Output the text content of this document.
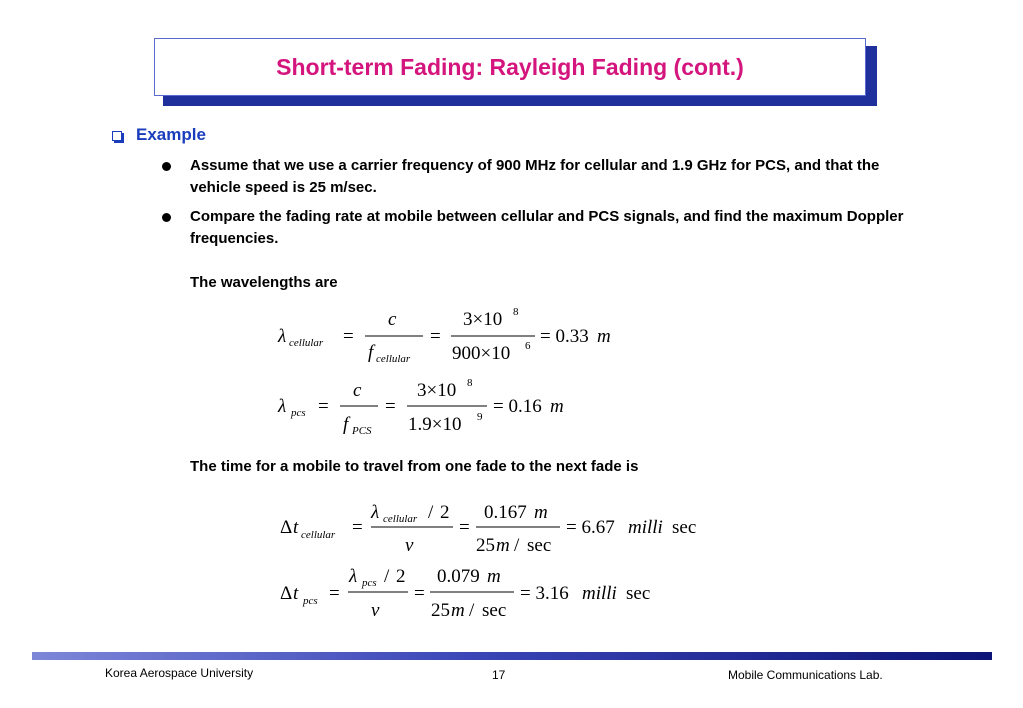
Short-term Fading: Rayleigh Fading (cont.)
Example
Assume that we use a carrier frequency of 900 MHz for cellular and 1.9 GHz for PCS, and that the vehicle speed is 25 m/sec.
Compare the fading rate at mobile between cellular and PCS signals, and find the maximum Doppler frequencies.
The wavelengths are
The time for a mobile to travel from one fade to the next fade is
λ cellular =
c
f cellular
=
3×10 8
900×10 6 = 0.33 m
λ pcs =
c
f PCS
=
3×10 8
1.9×10 9 = 0.16 m
Δ t cellular =
λ cellular / 2
v
=
0.167 m
25 m / sec
= 6.67 milli sec
Δ t pcs =
λ pcs / 2
v
=
0.079 m
25 m / sec
= 3.16 milli sec
Korea Aerospace University	17	Mobile Communications Lab.
